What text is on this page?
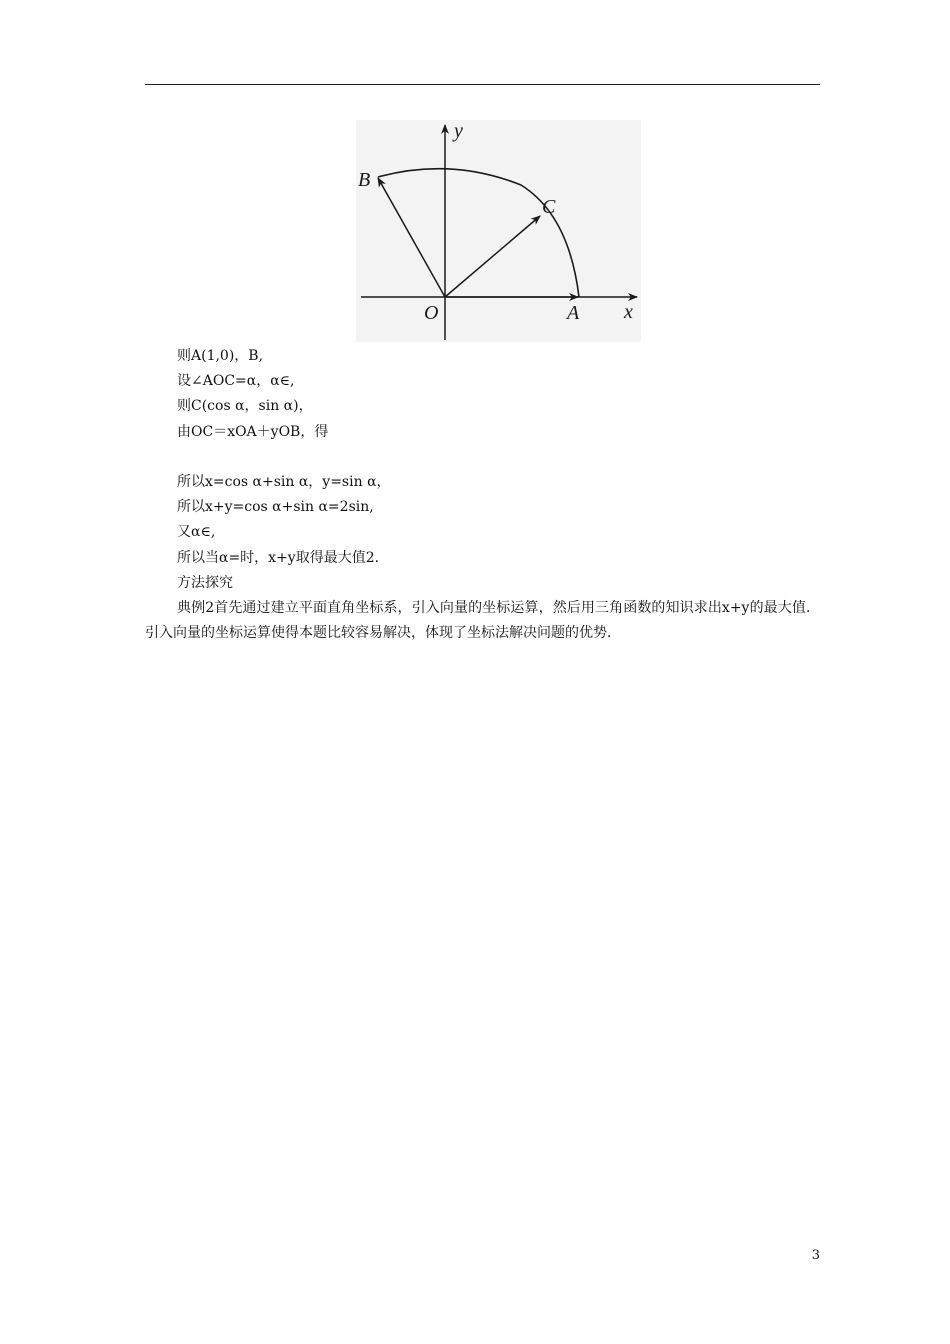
y
x
B
C
O	A
则A(1,0)，B,
设∠AOC=α，α∈,
则C(cos α，sin α)，
由OC＝xOA＋yOB，得
所以x=cos α+sin α，y=sin α，
所以x+y=cos α+sin α=2sin,
又α∈,
所以当α=时，x+y取得最大值2.
方法探究
典例2首先通过建立平面直角坐标系，引入向量的坐标运算，然后用三角函数的知识求出x+y的最大值．引入向量的坐标运算使得本题比较容易解决，体现了坐标法解决问题的优势．
3
